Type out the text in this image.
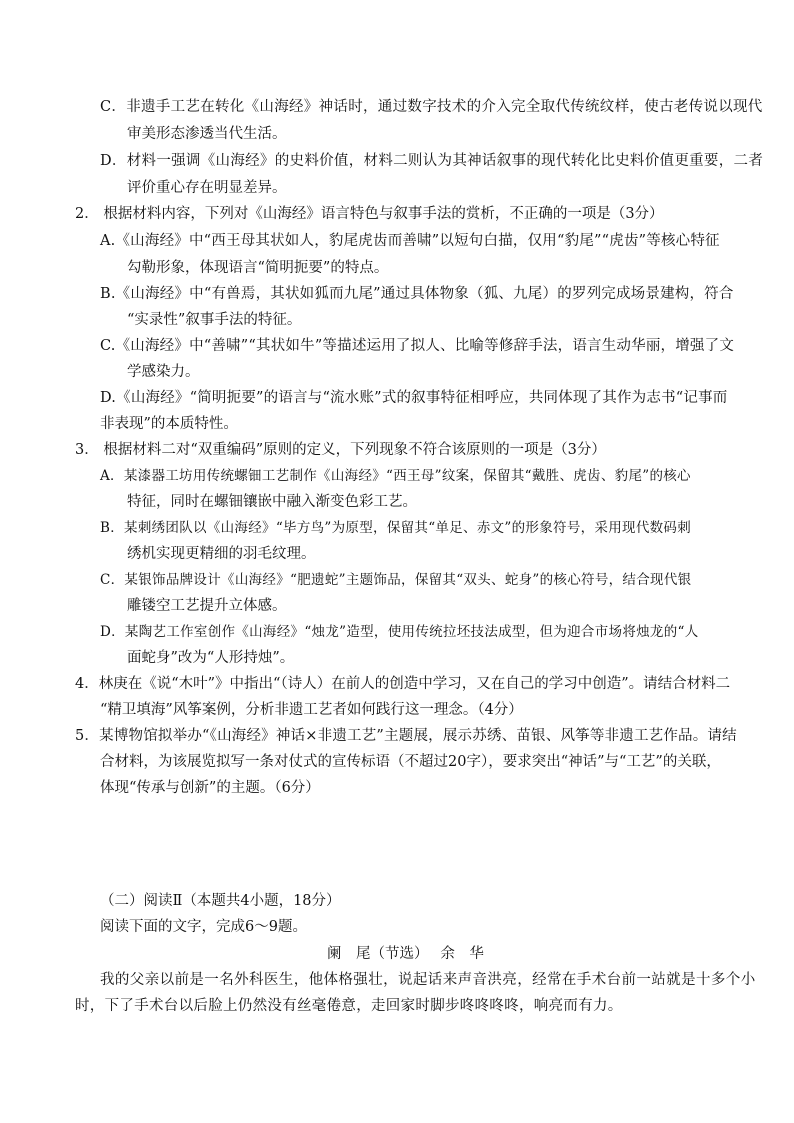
C．非遗手工艺在转化《山海经》神话时，通过数字技术的介入完全取代传统纹样，使古老传说以现代
审美形态渗透当代生活。
D．材料一强调《山海经》的史料价值，材料二则认为其神话叙事的现代转化比史料价值更重要，二者
评价重心存在明显差异。
2． 根据材料内容，下列对《山海经》语言特色与叙事手法的赏析，不正确的一项是（3分）
A.《山海经》中“西王母其状如人，豹尾虎齿而善啸”以短句白描，仅用“豹尾”“虎齿”等核心特征
勾勒形象，体现语言“简明扼要”的特点。
B.《山海经》中“有兽焉，其状如狐而九尾”通过具体物象（狐、九尾）的罗列完成场景建构，符合
“实录性”叙事手法的特征。
C.《山海经》中“善啸”“其状如牛”等描述运用了拟人、比喻等修辞手法，语言生动华丽，增强了文
学感染力。
D.《山海经》“简明扼要”的语言与“流水账”式的叙事特征相呼应，共同体现了其作为志书“记事而
非表现”的本质特性。
3． 根据材料二对“双重编码”原则的定义，下列现象不符合该原则的一项是（3分）
A．某漆器工坊用传统螺钿工艺制作《山海经》“西王母”纹案，保留其“戴胜、虎齿、豹尾”的核心
特征，同时在螺钿镶嵌中融入渐变色彩工艺。
B．某刺绣团队以《山海经》“毕方鸟”为原型，保留其“单足、赤文”的形象符号，采用现代数码刺
绣机实现更精细的羽毛纹理。
C．某银饰品牌设计《山海经》“肥遗蛇”主题饰品，保留其“双头、蛇身”的核心符号，结合现代银
雕镂空工艺提升立体感。
D．某陶艺工作室创作《山海经》“烛龙”造型，使用传统拉坯技法成型，但为迎合市场将烛龙的“人
面蛇身”改为“人形持烛”。
4．林庚在《说“木叶”》中指出“（诗人）在前人的创造中学习，又在自己的学习中创造”。请结合材料二
“精卫填海”风筝案例，分析非遗工艺者如何践行这一理念。（4分）
5．某博物馆拟举办“《山海经》神话×非遗工艺”主题展，展示苏绣、苗银、风筝等非遗工艺作品。请结
合材料，为该展览拟写一条对仗式的宣传标语（不超过20字），要求突出“神话”与“工艺”的关联，
体现“传承与创新”的主题。（6分）
（二）阅读Ⅱ（本题共4小题，18分）
阅读下面的文字，完成6～9题。
阑　尾（节选）　 余　华
我的父亲以前是一名外科医生，他体格强壮，说起话来声音洪亮，经常在手术台前一站就是十多个小
时，下了手术台以后脸上仍然没有丝毫倦意，走回家时脚步咚咚咚咚，响亮而有力。
